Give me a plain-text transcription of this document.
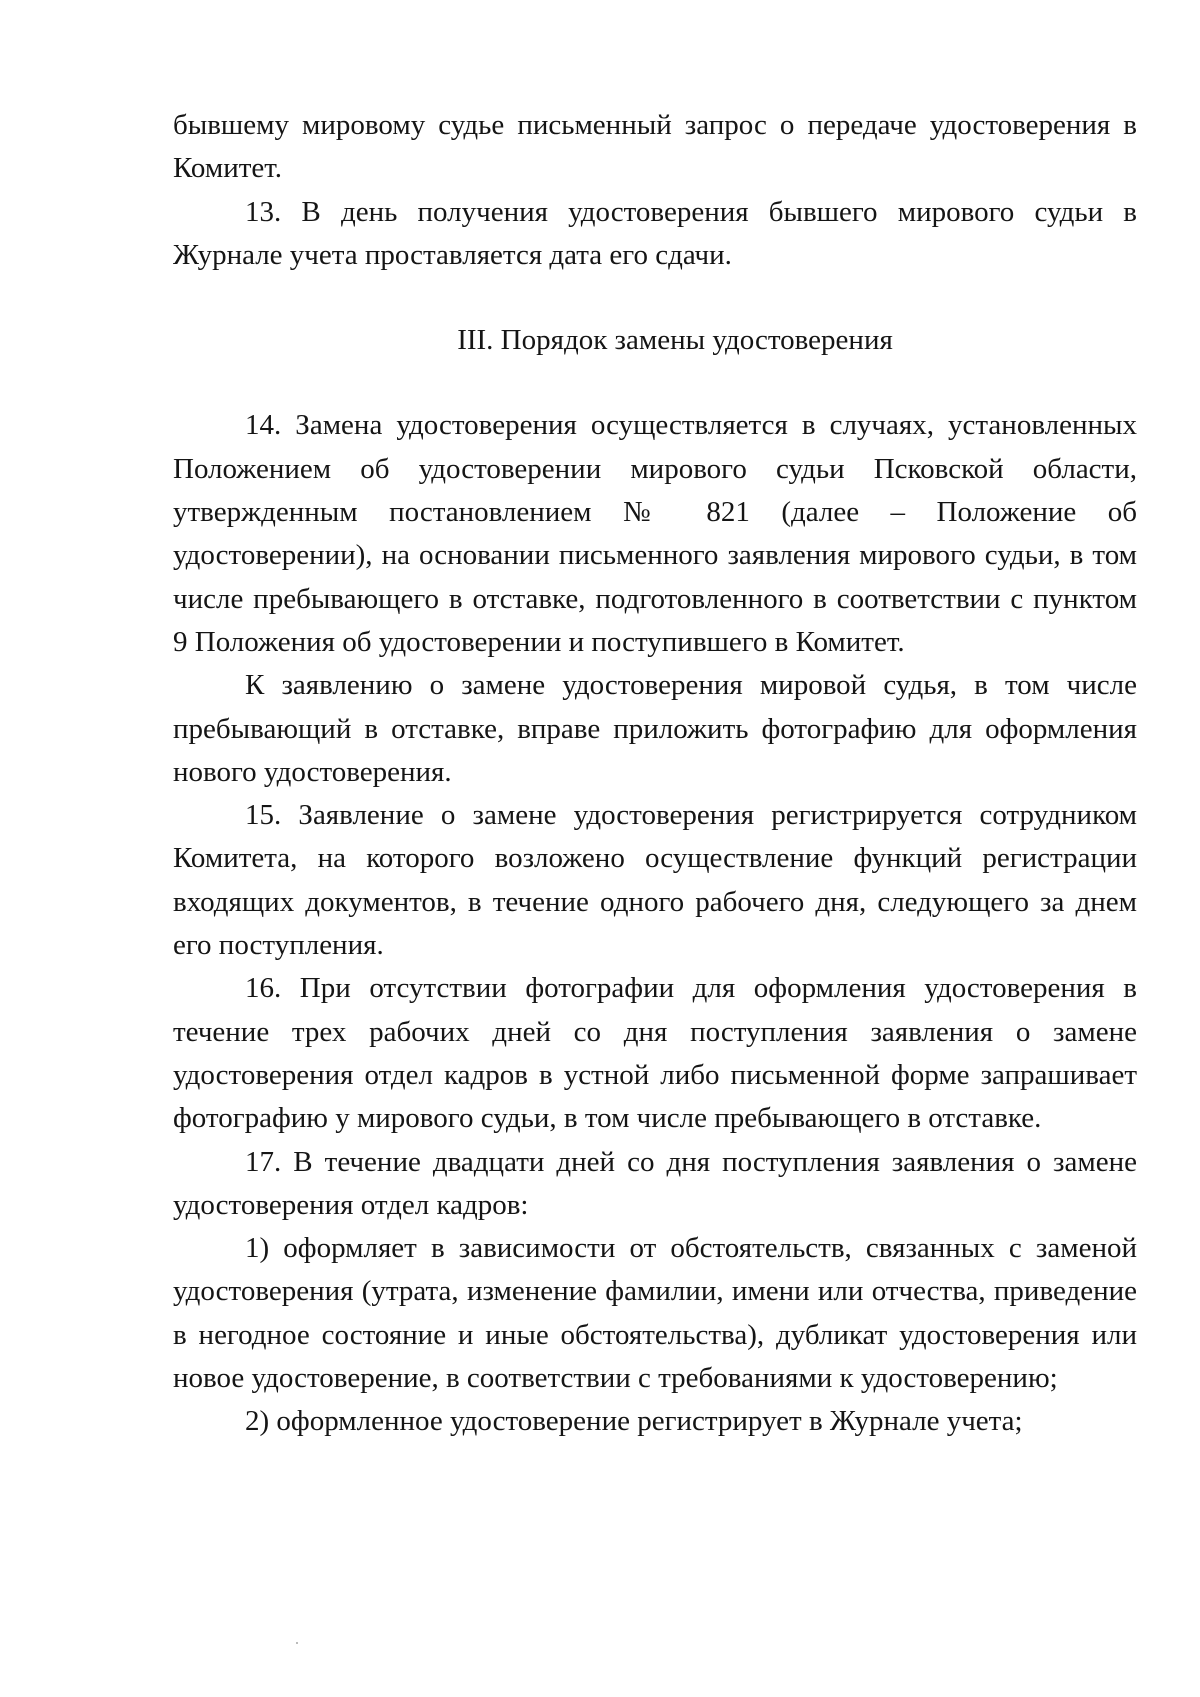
бывшему мировому судье письменный запрос о передаче удостоверения в Комитет.

13. В день получения удостоверения бывшего мирового судьи в Журнале учета проставляется дата его сдачи.

III. Порядок замены удостоверения

14. Замена удостоверения осуществляется в случаях, установленных Положением об удостоверении мирового судьи Псковской области, утвержденным постановлением № 821 (далее – Положение об удостоверении), на основании письменного заявления мирового судьи, в том числе пребывающего в отставке, подготовленного в соответствии с пунктом 9 Положения об удостоверении и поступившего в Комитет.

К заявлению о замене удостоверения мировой судья, в том числе пребывающий в отставке, вправе приложить фотографию для оформления нового удостоверения.

15. Заявление о замене удостоверения регистрируется сотрудником Комитета, на которого возложено осуществление функций регистрации входящих документов, в течение одного рабочего дня, следующего за днем его поступления.

16. При отсутствии фотографии для оформления удостоверения в течение трех рабочих дней со дня поступления заявления о замене удостоверения отдел кадров в устной либо письменной форме запрашивает фотографию у мирового судьи, в том числе пребывающего в отставке.

17. В течение двадцати дней со дня поступления заявления о замене удостоверения отдел кадров:

1) оформляет в зависимости от обстоятельств, связанных с заменой удостоверения (утрата, изменение фамилии, имени или отчества, приведение в негодное состояние и иные обстоятельства), дубликат удостоверения или новое удостоверение, в соответствии с требованиями к удостоверению;

2) оформленное удостоверение регистрирует в Журнале учета;
